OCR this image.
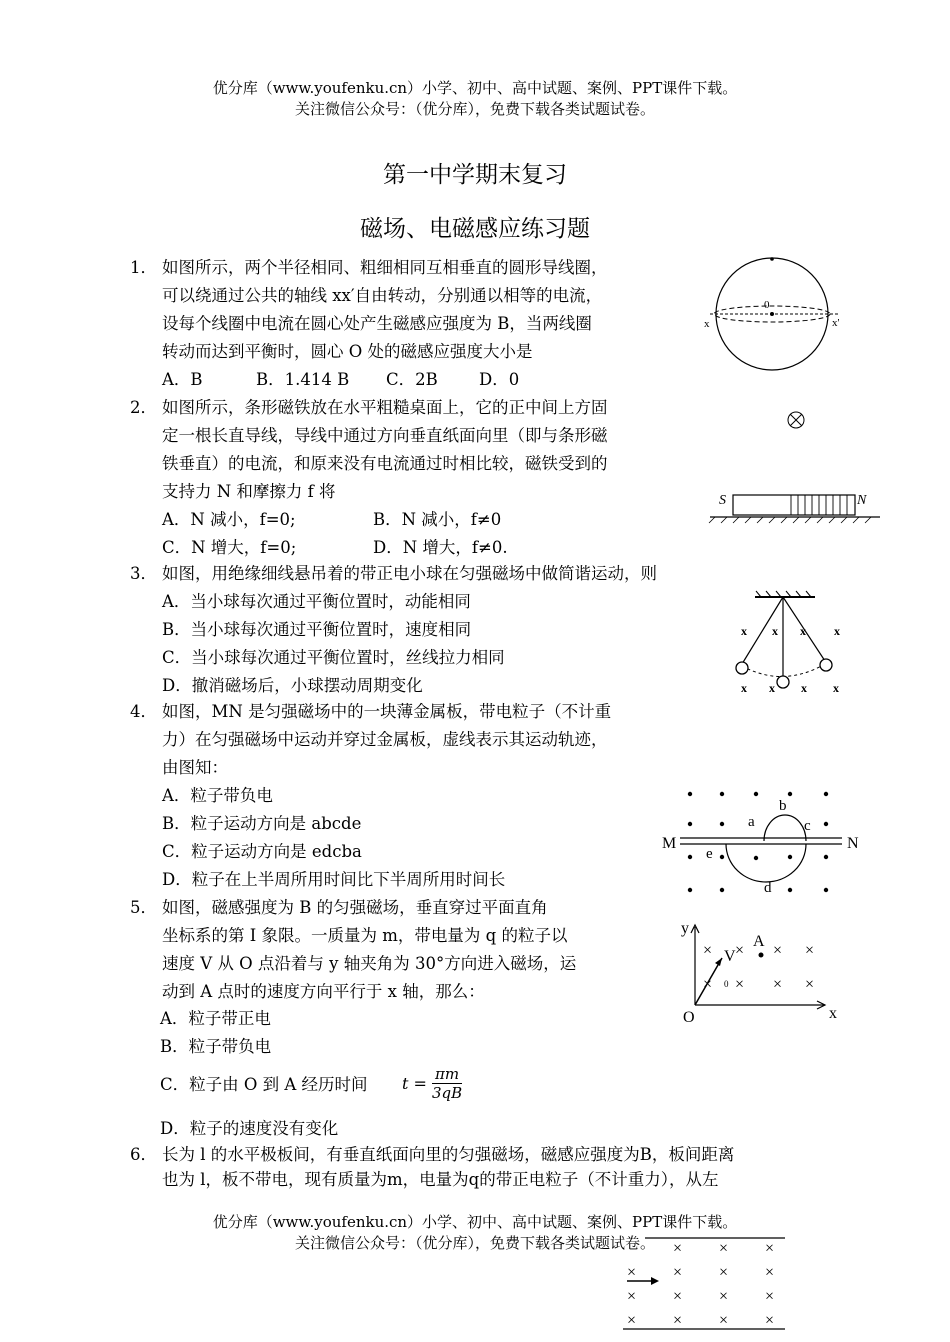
优分库（www.youfenku.cn）小学、初中、高中试题、案例、PPT课件下载。
关注微信公众号：（优分库），免费下载各类试题试卷。
第一中学期末复习
磁场、电磁感应练习题
1． 如图所示，两个半径相同、粗细相同互相垂直的圆形导线圈，
可以绕通过公共的轴线 xx′自由转动，分别通以相等的电流，
设每个线圈中电流在圆心处产生磁感应强度为 B，当两线圈
转动而达到平衡时，圆心 O 处的磁感应强度大小是
A．B	B．1.414 B C．2B	D．0
0
x	x'
2． 如图所示，条形磁铁放在水平粗糙桌面上，它的正中间上方固
定一根长直导线，导线中通过方向垂直纸面向里（即与条形磁
铁垂直）的电流，和原来没有电流通过时相比较，磁铁受到的
支持力 N 和摩擦力 f 将
A．N 减小，f=0;	B．N 减小，f≠0
C．N 增大，f=0;	D．N 增大，f≠0.
S	N
3． 如图，用绝缘细线悬吊着的带正电小球在匀强磁场中做简谐运动，则
A．当小球每次通过平衡位置时，动能相同
B．当小球每次通过平衡位置时，速度相同
C．当小球每次通过平衡位置时，丝线拉力相同
D．撤消磁场后，小球摆动周期变化
x x x x
x x x x
4． 如图，MN 是匀强磁场中的一块薄金属板，带电粒子（不计重
力）在匀强磁场中运动并穿过金属板，虚线表示其运动轨迹，
由图知：
A．粒子带负电
B．粒子运动方向是 abcde
C．粒子运动方向是 edcba
D．粒子在上半周所用时间比下半周所用时间长
M	N
a
b
c
d
e
5． 如图，磁感强度为 B 的匀强磁场，垂直穿过平面直角
坐标系的第 I 象限。一质量为 m，带电量为 q 的粒子以
速度 V 从 O 点沿着与 y 轴夹角为 30°方向进入磁场，运
动到 A 点时的速度方向平行于 x 轴，那么：
A．粒子带正电
B．粒子带负电
C．粒子由 O 到 A 经历时间 $t = \frac{\pi m}{3qB}$
D．粒子的速度没有变化
× × × ×
× × × ×
y
x
O
V
A
0
6． 长为 l 的水平极板间，有垂直纸面向里的匀强磁场，磁感应强度为B，板间距离
也为 l，板不带电，现有质量为m，电量为q的带正电粒子（不计重力），从左
× × ×
× × × ×
× × × ×
× × × ×
优分库（www.youfenku.cn）小学、初中、高中试题、案例、PPT课件下载。
关注微信公众号：（优分库），免费下载各类试题试卷。
